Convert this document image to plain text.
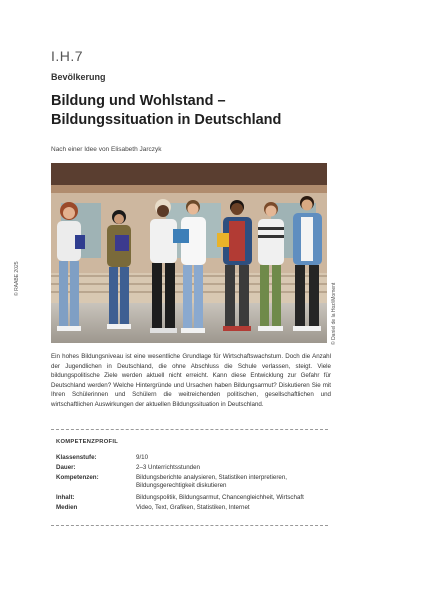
I.H.7
Bevölkerung
Bildung und Wohlstand – Bildungssituation in Deutschland
Nach einer Idee von Elisabeth Jarczyk
© RAABE 2025
© Daniel de la Hoz/iMoment
Ein hohes Bildungsniveau ist eine wesentliche Grundlage für Wirtschaftswachstum. Doch die Anzahl der Jugendlichen in Deutschland, die ohne Abschluss die Schule verlassen, steigt. Viele bildungspolitische Ziele werden aktuell nicht erreicht. Kann diese Entwicklung zur Gefahr für Deutschland werden? Welche Hintergründe und Ursachen haben Bildungsarmut? Diskutieren Sie mit Ihren Schülerinnen und Schülern die weitreichenden politischen, gesellschaftlichen und wirtschaftlichen Auswirkungen der aktuellen Bildungssituation in Deutschland.
KOMPETENZPROFIL
Klassenstufe:	9/10
Dauer:	2–3 Unterrichtsstunden
Kompetenzen:	Bildungsberichte analysieren, Statistiken interpretieren, Bildungsgerechtigkeit diskutieren
Inhalt:	Bildungspolitik, Bildungsarmut, Chancengleichheit, Wirtschaft
Medien	Video, Text, Grafiken, Statistiken, Internet
